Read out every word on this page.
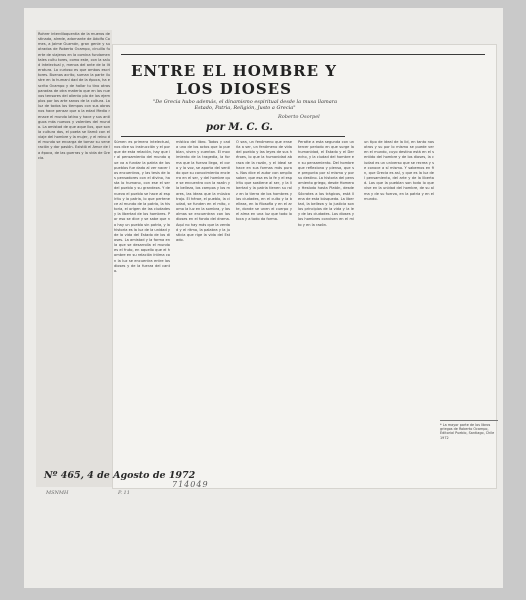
ENTRE EL HOMBRE Y LOS DIOSES
"De Grecia hubo además, el dinamismo espiritual desde la musa llamara Estado, Patria, Religión, Justo a Grecia"
Roberto Osorpel
por M. C. G.
Rohrer interdiloquentia de la mueros destinada, alrede, adornante de Adolfo Comes, a Jaime Guzmán, gran genie y su otrados de Roberto Ocampo, cinuilla fuerte de viajeros en la comina fundamentales cultu tores, como este, con la salud intelectual y, menos del ante de la literatura. Lo curioso es que ambos escri tores. Buenos acrito, suman la parte ilustre en la humani dad de la época, ha escrito Ocampo y de hallar tu tino otras paradas de otra materia que en los nuevos tensores del aliento pío de los ejemplos por los arte sanos de la cultura. La luz de todos los tiempos con sus obras nos hace pensar que a la edad Media renace el mundo latino y hace y sus antiguos más nuevos y valentes del mundo. La amistad de que aque llos, que son la cultura dos, el poeta se llamó con el viaje del hombre y la mujer, y el reino del mundo se encarga de tomar su veneración y dar pasión. Existió el Amor de la época, de las guerras y la vida de Grecia.
Súmen es primera intelectual, nos dice su instrucción y el porque de esta relación, hay que ir al pensamiento del mundo que va a fundar la patria de los pueblos fue dado al ver nacer los encuentros, y las tesis de los pensadores con el divino, hasta lo humano, con ese el ser del pueblo y su grandeza. Y de nuevo el pueblo se hace al espíritu y la patria, lo que pertenece al mundo de la patria, la historia, el origen de las ciudades y la libertad de los hombres. Por eso se dice y se sabe que no hay un pueblo sin patria, y la historia es la luz de la unidad y de la vida del Estado de los dioses. La amistad y la forma en la que se desarrolla el mundo es el fruto, en aquello que el hombre en su relación íntima con la luz se encuentra entre los dioses y de la fuerza del canto.
místico del libro. Todos y cada uno de los actos que lo pueblan, viven y cuentan. El movimiento de la tragedia, la forma que la fuerza llega, el coro y la voz, se aparta del sentido que su conocimiento encierra en el ser, y del hombre que se encuentra con la razón y la belleza, los campos y los mares, las ideas que la música trajo. El héroe, el pueblo, la ciudad, se funden en el mito, como la luz en la sombra, y las almas se encuentran con los dioses en el fondo del drama. Aquí no hay más que la verdad y el ritmo, la palabra y la justicia que rige la vida del Estado.
O sea, un fenómeno que enseña a ser, un fenómeno de vida del pueblo y las leyes de sus héroes, lo que la humanidad abraza de la razón, y el ideal se hace en sus formas más puras. Nos dice el autor con amplio saber, que esa es la fe y el espíritu que sostiene al ser, y la libertad y la patria tienen su raíz en la tierra de los hombres y las ciudades, en el culto y la belleza, en la filosofía y en el arte, donde se unen el cuerpo y el alma en una luz que todo lo toca y a todo da forma.
Peratte a esta segunda con un tercer periodo en que surge la humanidad, el Estado y el Derecho, y la ciudad del hombre en su pensamiento. Del hombre que reflexiona y piensa, que se pregunta por sí mismo y por su destino. La historia del pensamiento griego, desde Homero y Hesíodo hasta Platón, desde Sócrates a los trágicos, está llena de esta búsqueda. La libertad, la belleza y la justicia son los principios de la vida y la ley de las ciudades. Los dioses y los hombres conviven en el mito y en la razón.
un tipo de ideal de la lid, en tanto nosotros y su por lo mismo se puede ver en el mundo, cuyo destino está en el sentido del hombre y de los dioses, la ciudad es un universo que se recrea y se conoce a sí mismo. Y sabemos en fin, que Grecia es así, y que es la luz del pensamiento, del arte y de la libertad. Los que la pueblan son todo lo que vive en la unidad del hombre, de su alma y de su fuerza, en la patria y en el mundo.
* La mayor parte de los libros griegos de Roberto Ocampo, Editorial Pueblo, Santiago, Chile 1972
Nº 465, 4 de Agosto de 1972
MSNMH	P. 11
714049
